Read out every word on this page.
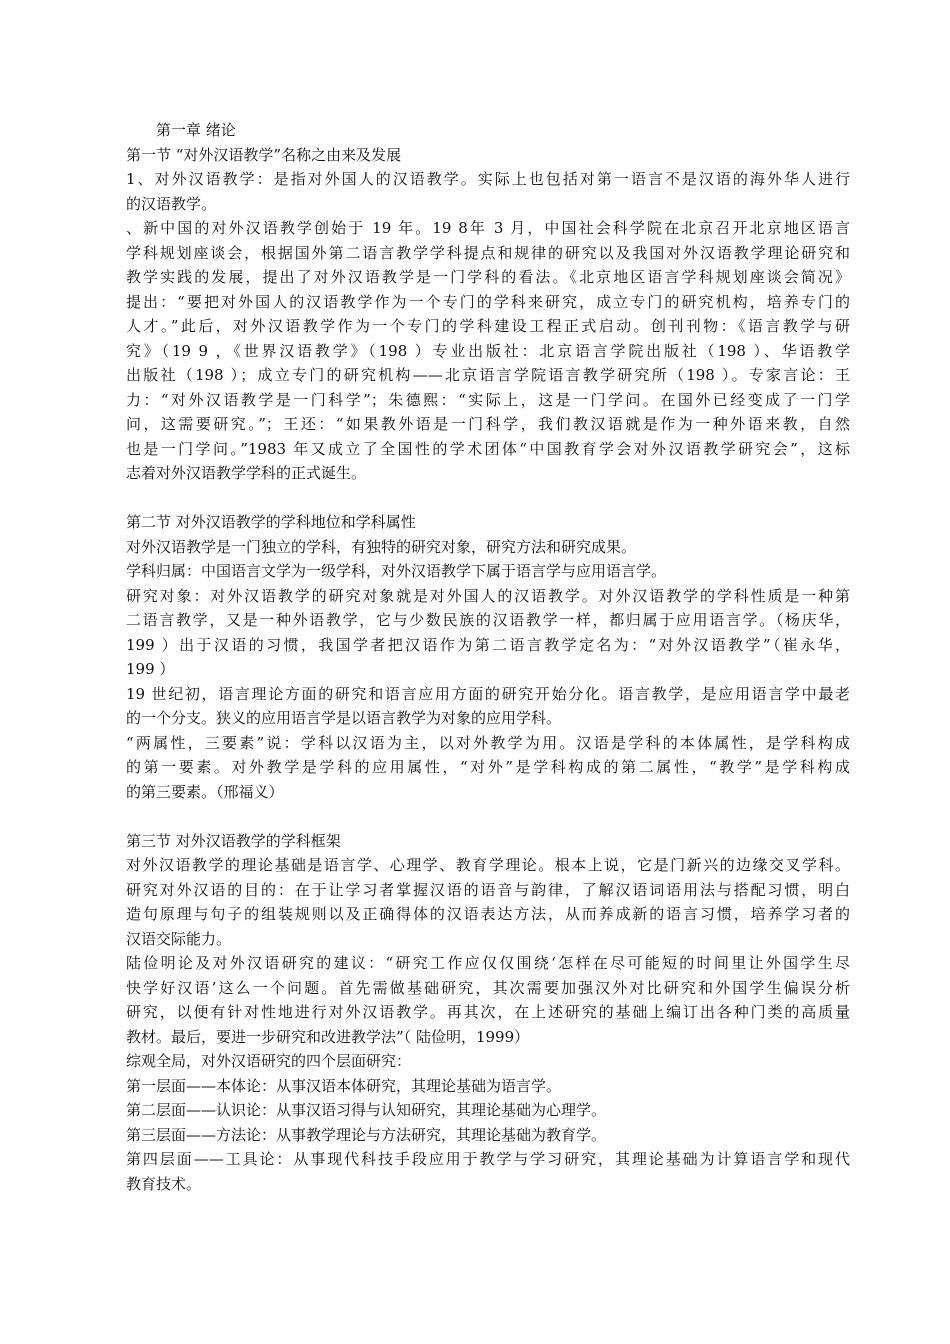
第一章 绪论
第一节 “对外汉语教学”名称之由来及发展
1、对外汉语教学：是指对外国人的汉语教学。实际上也包括对第一语言不是汉语的海外华人进行
的汉语教学。
、新中国的对外汉语教学创始于 19 年。19 8年 3 月，中国社会科学院在北京召开北京地区语言
学科规划座谈会，根据国外第二语言教学学科提点和规律的研究以及我国对外汉语教学理论研究和
教学实践的发展，提出了对外汉语教学是一门学科的看法。《北京地区语言学科规划座谈会简况》
提出：“要把对外国人的汉语教学作为一个专门的学科来研究，成立专门的研究机构，培养专门的
人才。”此后，对外汉语教学作为一个专门的学科建设工程正式启动。创刊刊物：《语言教学与研
究》（19 9 ，《世界汉语教学》（198 ）专业出版社：北京语言学院出版社（198 ）、华语教学
出版社（198 ）；成立专门的研究机构——北京语言学院语言教学研究所（198 ）。专家言论：王
力：“对外汉语教学是一门科学”；朱德熙：“实际上，这是一门学问。在国外已经变成了一门学
问，这需要研究。”；王还：“如果教外语是一门科学，我们教汉语就是作为一种外语来教，自然
也是一门学问。”1983 年又成立了全国性的学术团体“中国教育学会对外汉语教学研究会”，这标
志着对外汉语教学学科的正式诞生。
第二节 对外汉语教学的学科地位和学科属性
对外汉语教学是一门独立的学科，有独特的研究对象，研究方法和研究成果。
学科归属：中国语言文学为一级学科，对外汉语教学下属于语言学与应用语言学。
研究对象：对外汉语教学的研究对象就是对外国人的汉语教学。对外汉语教学的学科性质是一种第
二语言教学，又是一种外语教学，它与少数民族的汉语教学一样，都归属于应用语言学。（杨庆华，
199 ）出于汉语的习惯，我国学者把汉语作为第二语言教学定名为：“对外汉语教学”（崔永华，
199 ）
19 世纪初，语言理论方面的研究和语言应用方面的研究开始分化。语言教学，是应用语言学中最老
的一个分支。狭义的应用语言学是以语言教学为对象的应用学科。
“两属性，三要素”说：学科以汉语为主，以对外教学为用。汉语是学科的本体属性，是学科构成
的第一要素。对外教学是学科的应用属性，“对外”是学科构成的第二属性，“教学”是学科构成
的第三要素。（邢福义）
第三节 对外汉语教学的学科框架
对外汉语教学的理论基础是语言学、心理学、教育学理论。根本上说，它是门新兴的边缘交叉学科。
研究对外汉语的目的：在于让学习者掌握汉语的语音与韵律，了解汉语词语用法与搭配习惯，明白
造句原理与句子的组装规则以及正确得体的汉语表达方法，从而养成新的语言习惯，培养学习者的
汉语交际能力。
陆俭明论及对外汉语研究的建议：“研究工作应仅仅围绕‘怎样在尽可能短的时间里让外国学生尽
快学好汉语’这么一个问题。首先需做基础研究，其次需要加强汉外对比研究和外国学生偏误分析
研究，以便有针对性地进行对外汉语教学。再其次，在上述研究的基础上编订出各种门类的高质量
教材。最后，要进一步研究和改进教学法”（ 陆俭明，1999）
综观全局，对外汉语研究的四个层面研究：
第一层面——本体论：从事汉语本体研究，其理论基础为语言学。
第二层面——认识论：从事汉语习得与认知研究，其理论基础为心理学。
第三层面——方法论：从事教学理论与方法研究，其理论基础为教育学。
第四层面——工具论：从事现代科技手段应用于教学与学习研究，其理论基础为计算语言学和现代
教育技术。
